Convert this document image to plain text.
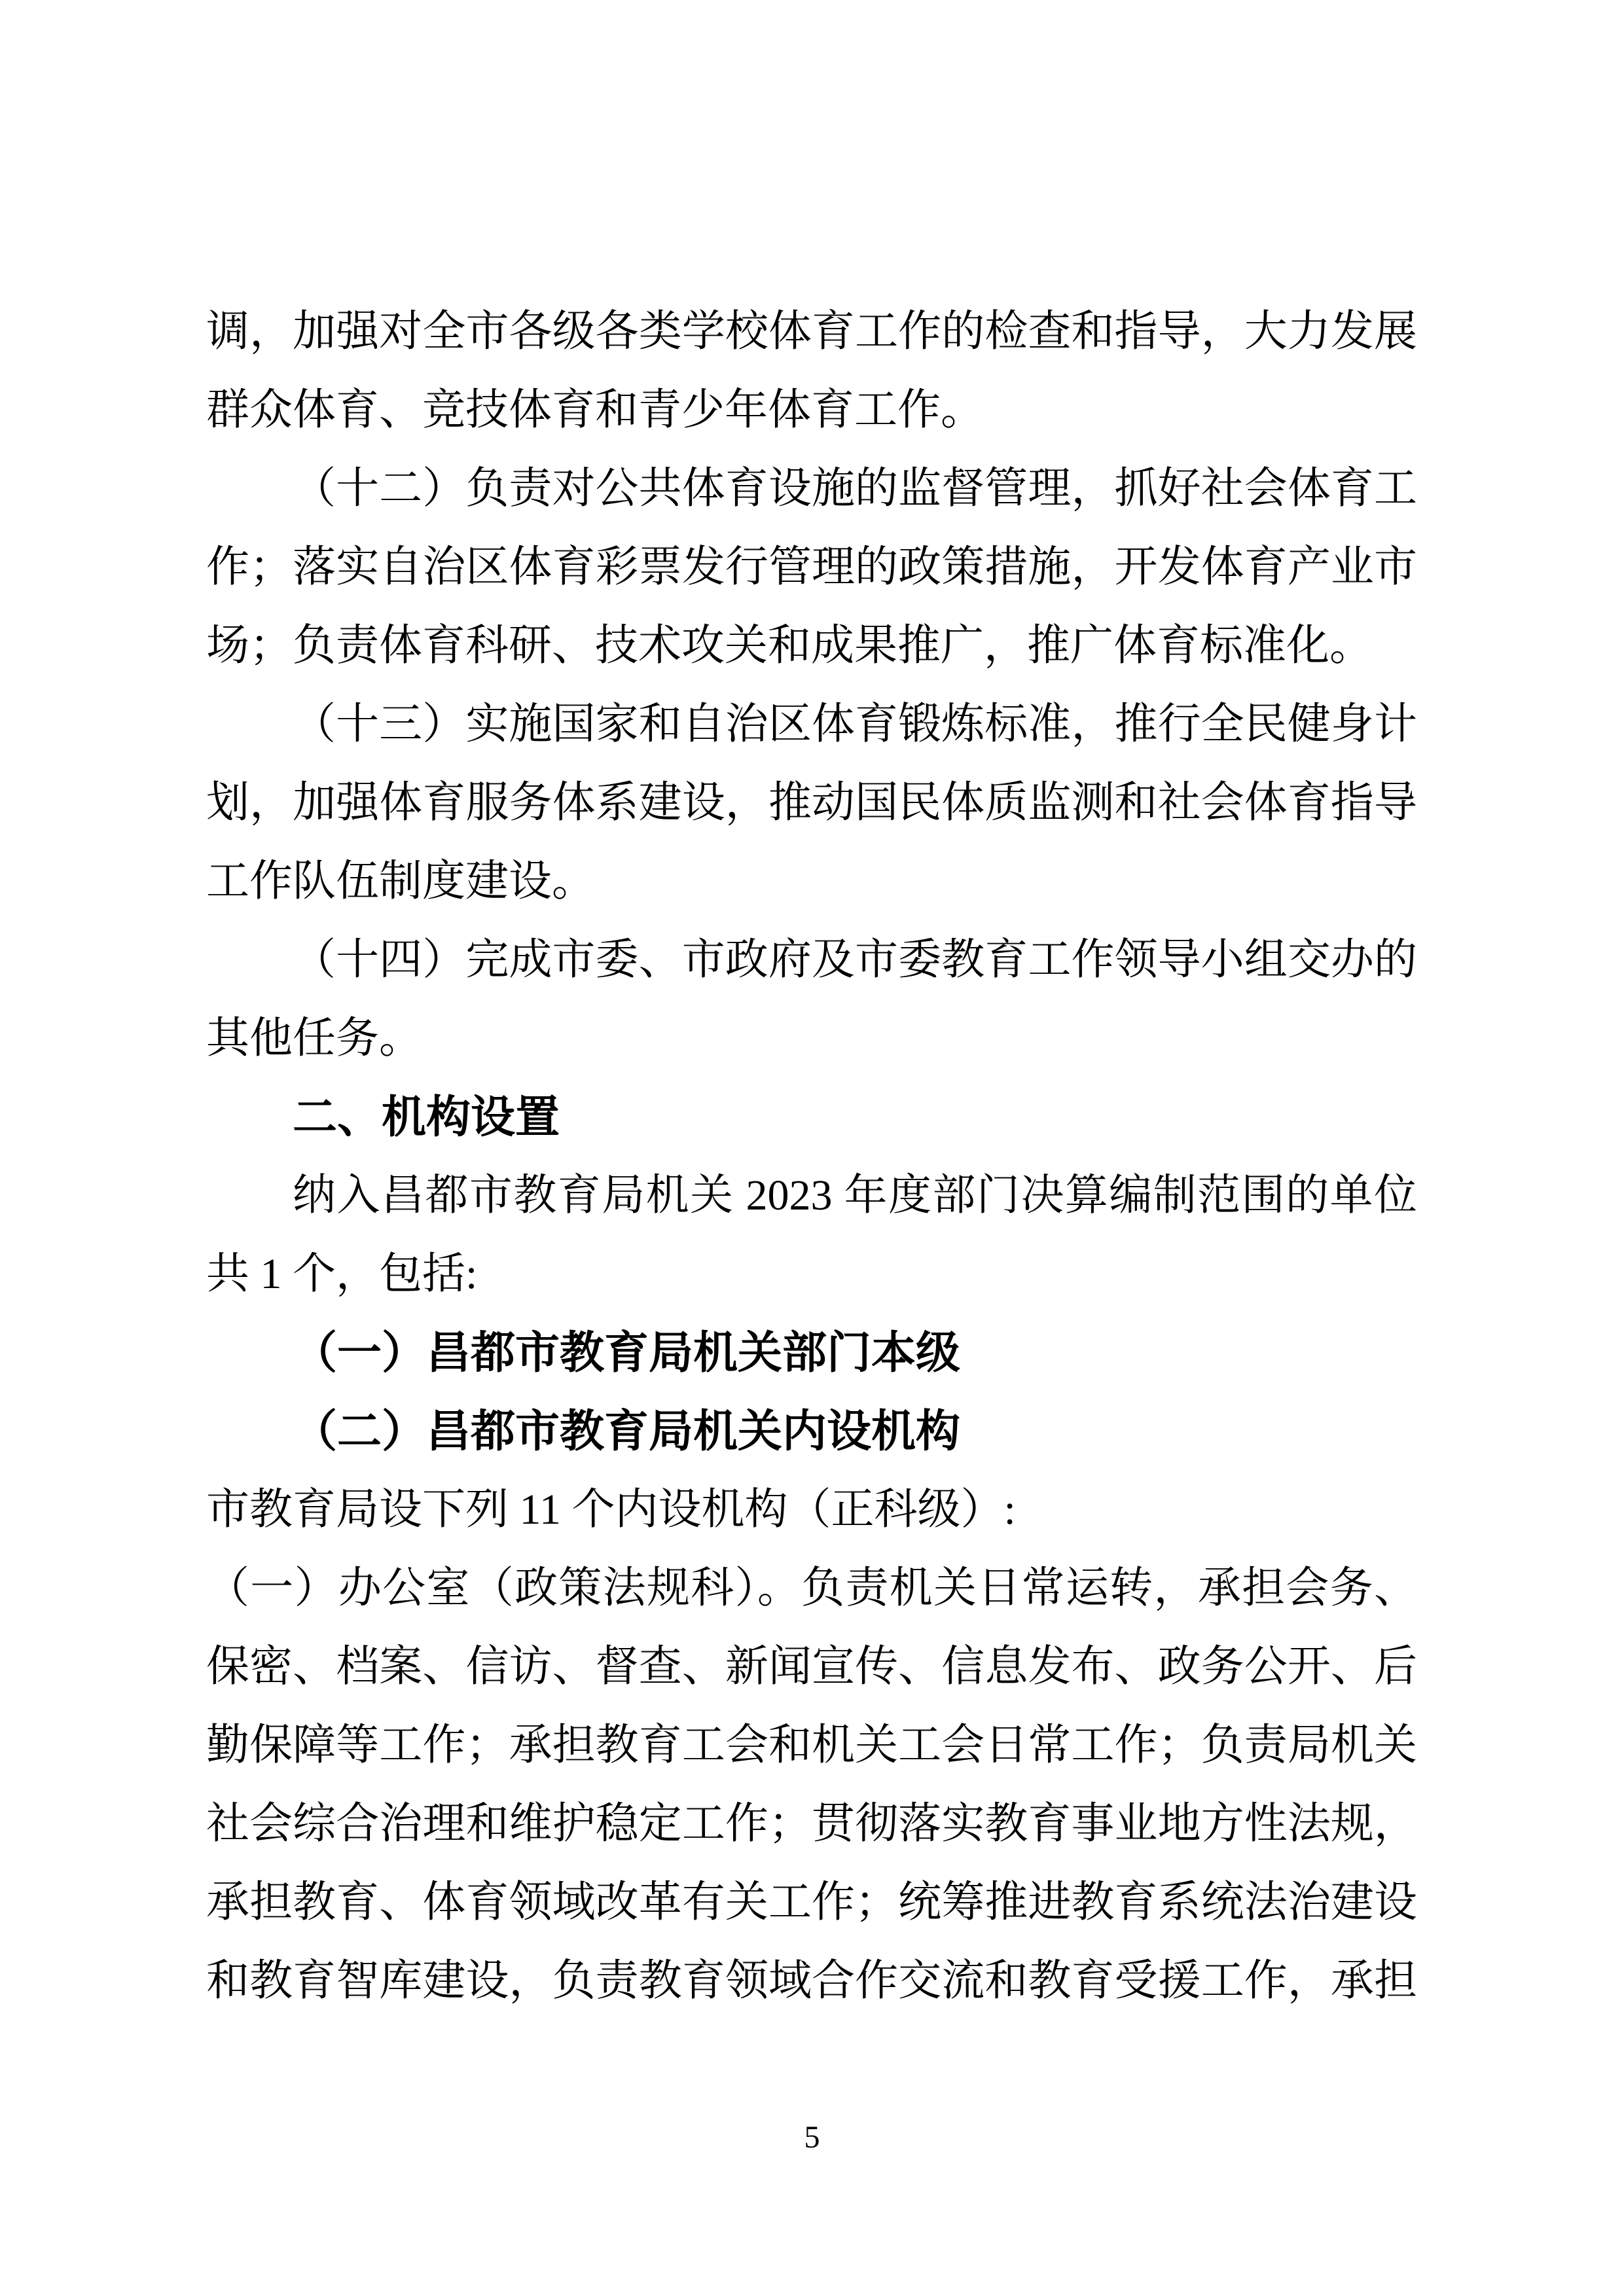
调，加强对全市各级各类学校体育工作的检查和指导，大力发展
群众体育、竞技体育和青少年体育工作。
（十二）负责对公共体育设施的监督管理，抓好社会体育工
作；落实自治区体育彩票发行管理的政策措施，开发体育产业市
场；负责体育科研、技术攻关和成果推广，推广体育标准化。
（十三）实施国家和自治区体育锻炼标准，推行全民健身计
划，加强体育服务体系建设，推动国民体质监测和社会体育指导
工作队伍制度建设。
（十四）完成市委、市政府及市委教育工作领导小组交办的
其他任务。
二、机构设置
纳入昌都市教育局机关 2023 年度部门决算编制范围的单位
共 1 个，包括:
（一）昌都市教育局机关部门本级
（二）昌都市教育局机关内设机构
市教育局设下列 11 个内设机构（正科级）:
（一）办公室（政策法规科）。负责机关日常运转，承担会务、
保密、档案、信访、督查、新闻宣传、信息发布、政务公开、后
勤保障等工作；承担教育工会和机关工会日常工作；负责局机关
社会综合治理和维护稳定工作；贯彻落实教育事业地方性法规，
承担教育、体育领域改革有关工作；统筹推进教育系统法治建设
和教育智库建设，负责教育领域合作交流和教育受援工作，承担
5
